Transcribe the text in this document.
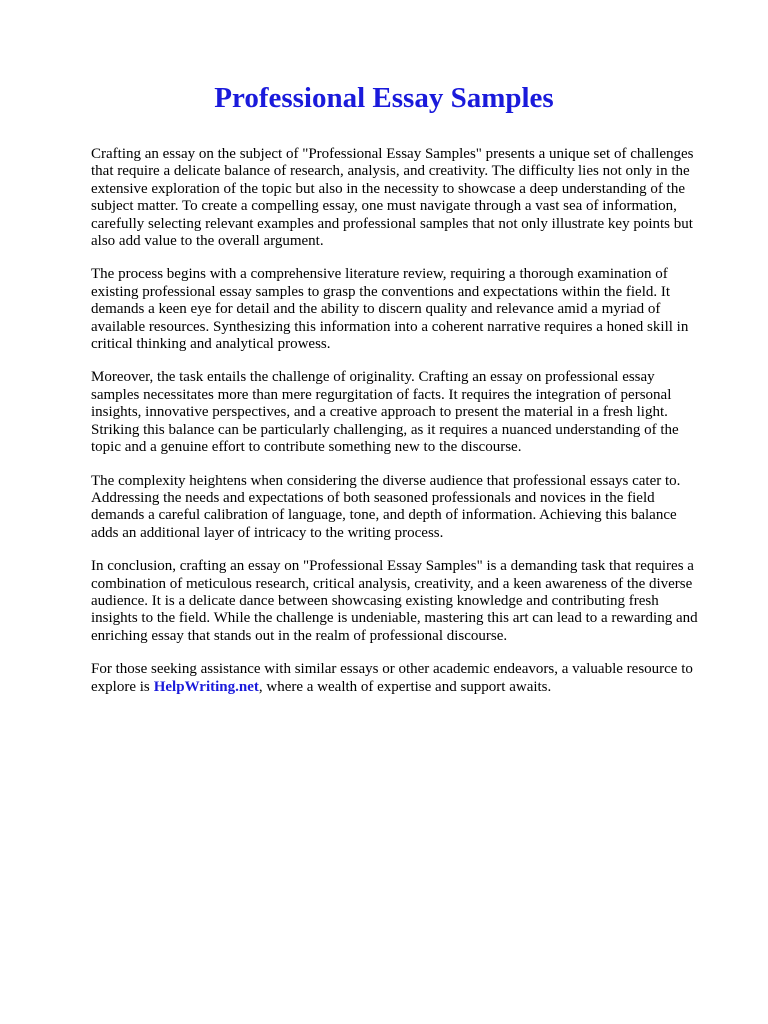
Professional Essay Samples

Crafting an essay on the subject of "Professional Essay Samples" presents a unique set of challenges
that require a delicate balance of research, analysis, and creativity. The difficulty lies not only in the
extensive exploration of the topic but also in the necessity to showcase a deep understanding of the
subject matter. To create a compelling essay, one must navigate through a vast sea of information,
carefully selecting relevant examples and professional samples that not only illustrate key points but
also add value to the overall argument.

The process begins with a comprehensive literature review, requiring a thorough examination of
existing professional essay samples to grasp the conventions and expectations within the field. It
demands a keen eye for detail and the ability to discern quality and relevance amid a myriad of
available resources. Synthesizing this information into a coherent narrative requires a honed skill in
critical thinking and analytical prowess.

Moreover, the task entails the challenge of originality. Crafting an essay on professional essay
samples necessitates more than mere regurgitation of facts. It requires the integration of personal
insights, innovative perspectives, and a creative approach to present the material in a fresh light.
Striking this balance can be particularly challenging, as it requires a nuanced understanding of the
topic and a genuine effort to contribute something new to the discourse.

The complexity heightens when considering the diverse audience that professional essays cater to.
Addressing the needs and expectations of both seasoned professionals and novices in the field
demands a careful calibration of language, tone, and depth of information. Achieving this balance
adds an additional layer of intricacy to the writing process.

In conclusion, crafting an essay on "Professional Essay Samples" is a demanding task that requires a
combination of meticulous research, critical analysis, creativity, and a keen awareness of the diverse
audience. It is a delicate dance between showcasing existing knowledge and contributing fresh
insights to the field. While the challenge is undeniable, mastering this art can lead to a rewarding and
enriching essay that stands out in the realm of professional discourse.

For those seeking assistance with similar essays or other academic endeavors, a valuable resource to
explore is HelpWriting.net, where a wealth of expertise and support awaits.
